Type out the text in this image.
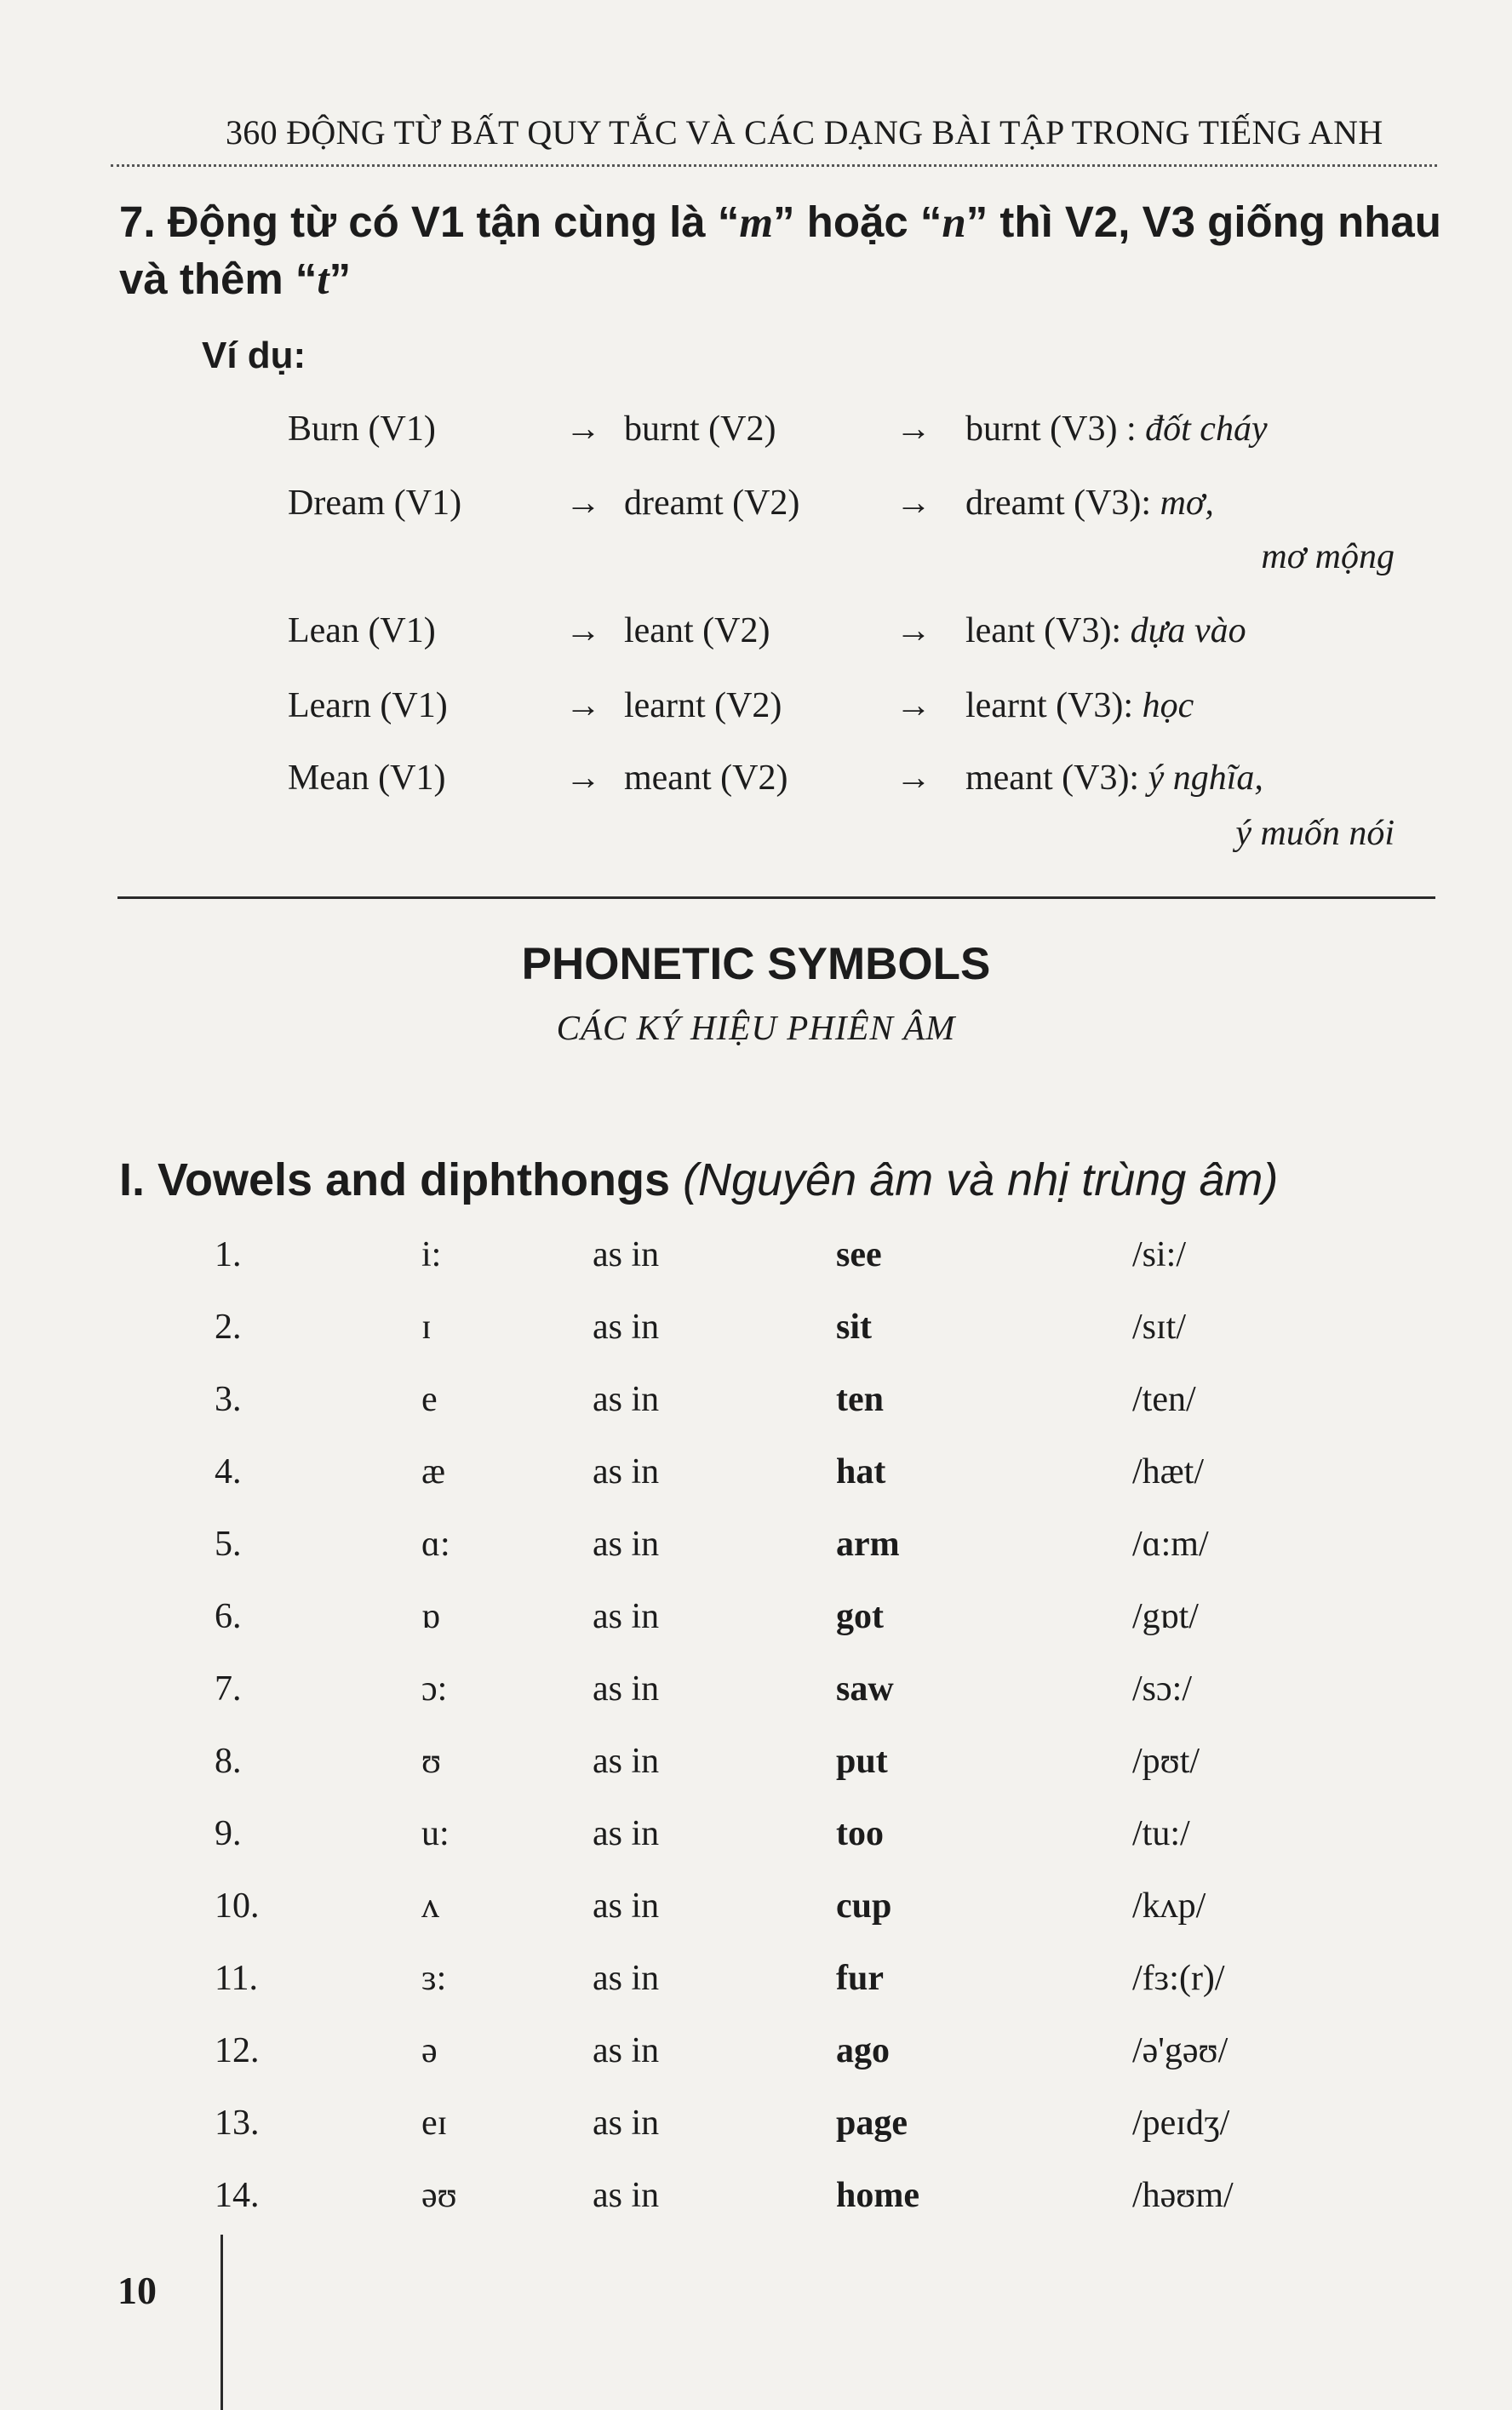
360 ĐỘNG TỪ BẤT QUY TẮC VÀ CÁC DẠNG BÀI TẬP TRONG TIẾNG ANH
7. Động từ có V1 tận cùng là “m” hoặc “n” thì V2, V3 giống nhau và thêm “t”
Ví dụ:
Burn (V1)	→ burnt (V2)	→ burnt (V3) : đốt cháy
Dream (V1)	→ dreamt (V2)	→ dreamt (V3): mơ,
mơ mộng
Lean (V1)	→ leant (V2)	→ leant (V3): dựa vào
Learn (V1)	→ learnt (V2)	→ learnt (V3): học
Mean (V1)	→ meant (V2)	→ meant (V3): ý nghĩa,
ý muốn nói
PHONETIC SYMBOLS
CÁC KÝ HIỆU PHIÊN ÂM
I. Vowels and diphthongs (Nguyên âm và nhị trùng âm)
1.	i:	as in	see	/si:/
2.	ɪ	as in	sit	/sɪt/
3.	e	as in	ten	/ten/
4.	æ	as in	hat	/hæt/
5.	ɑ:	as in	arm	/ɑ:m/
6.	ɒ	as in	got	/gɒt/
7.	ɔ:	as in	saw	/sɔ:/
8.	ʊ	as in	put	/pʊt/
9.	u:	as in	too	/tu:/
10.	ʌ	as in	cup	/kʌp/
11.	ɜ:	as in	fur	/fɜ:(r)/
12.	ə	as in	ago	/ə'gəʊ/
13.	eɪ	as in	page	/peɪdʒ/
14.	əʊ	as in	home	/həʊm/
10
